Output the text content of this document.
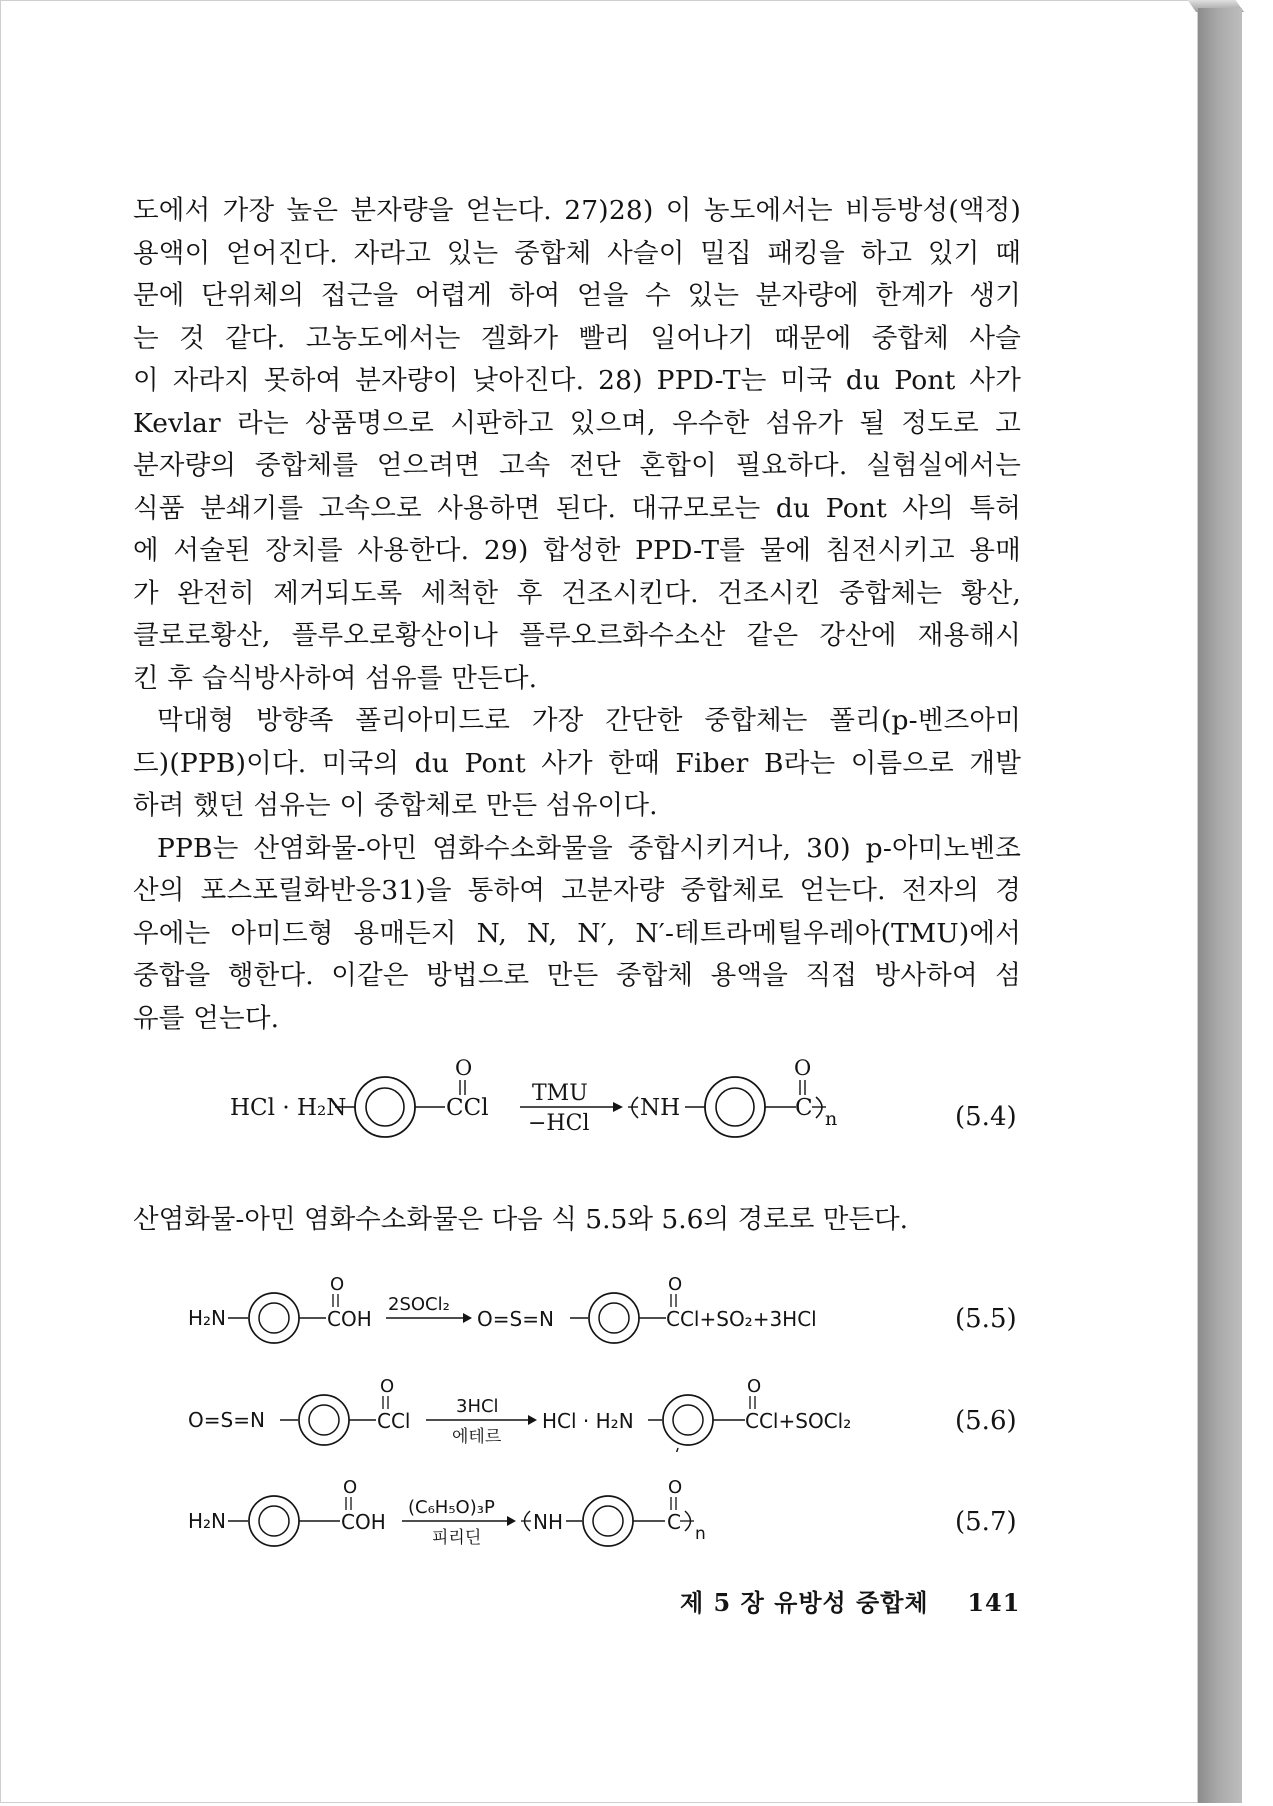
도에서 가장 높은 분자량을 얻는다. 27)28) 이 농도에서는 비등방성(액정)
용액이 얻어진다. 자라고 있는 중합체 사슬이 밀집 패킹을 하고 있기 때
문에 단위체의 접근을 어렵게 하여 얻을 수 있는 분자량에 한계가 생기
는 것 같다. 고농도에서는 겔화가 빨리 일어나기 때문에 중합체 사슬
이 자라지 못하여 분자량이 낮아진다. 28) PPD-T는 미국 du Pont 사가
Kevlar 라는 상품명으로 시판하고 있으며, 우수한 섬유가 될 정도로 고
분자량의 중합체를 얻으려면 고속 전단 혼합이 필요하다. 실험실에서는
식품 분쇄기를 고속으로 사용하면 된다. 대규모로는 du Pont 사의 특허
에 서술된 장치를 사용한다. 29) 합성한 PPD-T를 물에 침전시키고 용매
가 완전히 제거되도록 세척한 후 건조시킨다. 건조시킨 중합체는 황산,
클로로황산, 플루오로황산이나 플루오르화수소산 같은 강산에 재용해시
킨 후 습식방사하여 섬유를 만든다.
막대형 방향족 폴리아미드로 가장 간단한 중합체는 폴리(p-벤즈아미
드)(PPB)이다. 미국의 du Pont 사가 한때 Fiber B라는 이름으로 개발
하려 했던 섬유는 이 중합체로 만든 섬유이다.
PPB는 산염화물-아민 염화수소화물을 중합시키거나, 30) p-아미노벤조
산의 포스포릴화반응31)을 통하여 고분자량 중합체로 얻는다. 전자의 경
우에는 아미드형 용매든지 N, N, N′, N′-테트라메틸우레아(TMU)에서
중합을 행한다. 이같은 방법으로 만든 중합체 용액을 직접 방사하여 섬
유를 얻는다.
HCl · H₂N
O
CCl
TMU
−HCl
NH
O
C n	(5.4)
산염화물-아민 염화수소화물은 다음 식 5.5와 5.6의 경로로 만든다.
H₂N
O
COH
2SOCl₂
O=S=N
O
CCl+SO₂+3HCl	(5.5)
O=S=N
O
CCl
3HCl
에테르
HCl · H₂N
O
CCl+SOCl₂	(5.6)
H₂N
O
COH
(C₆H₅O)₃P
피리딘
NH
O
C n	(5.7)
제 5 장 유방성 중합체 141
